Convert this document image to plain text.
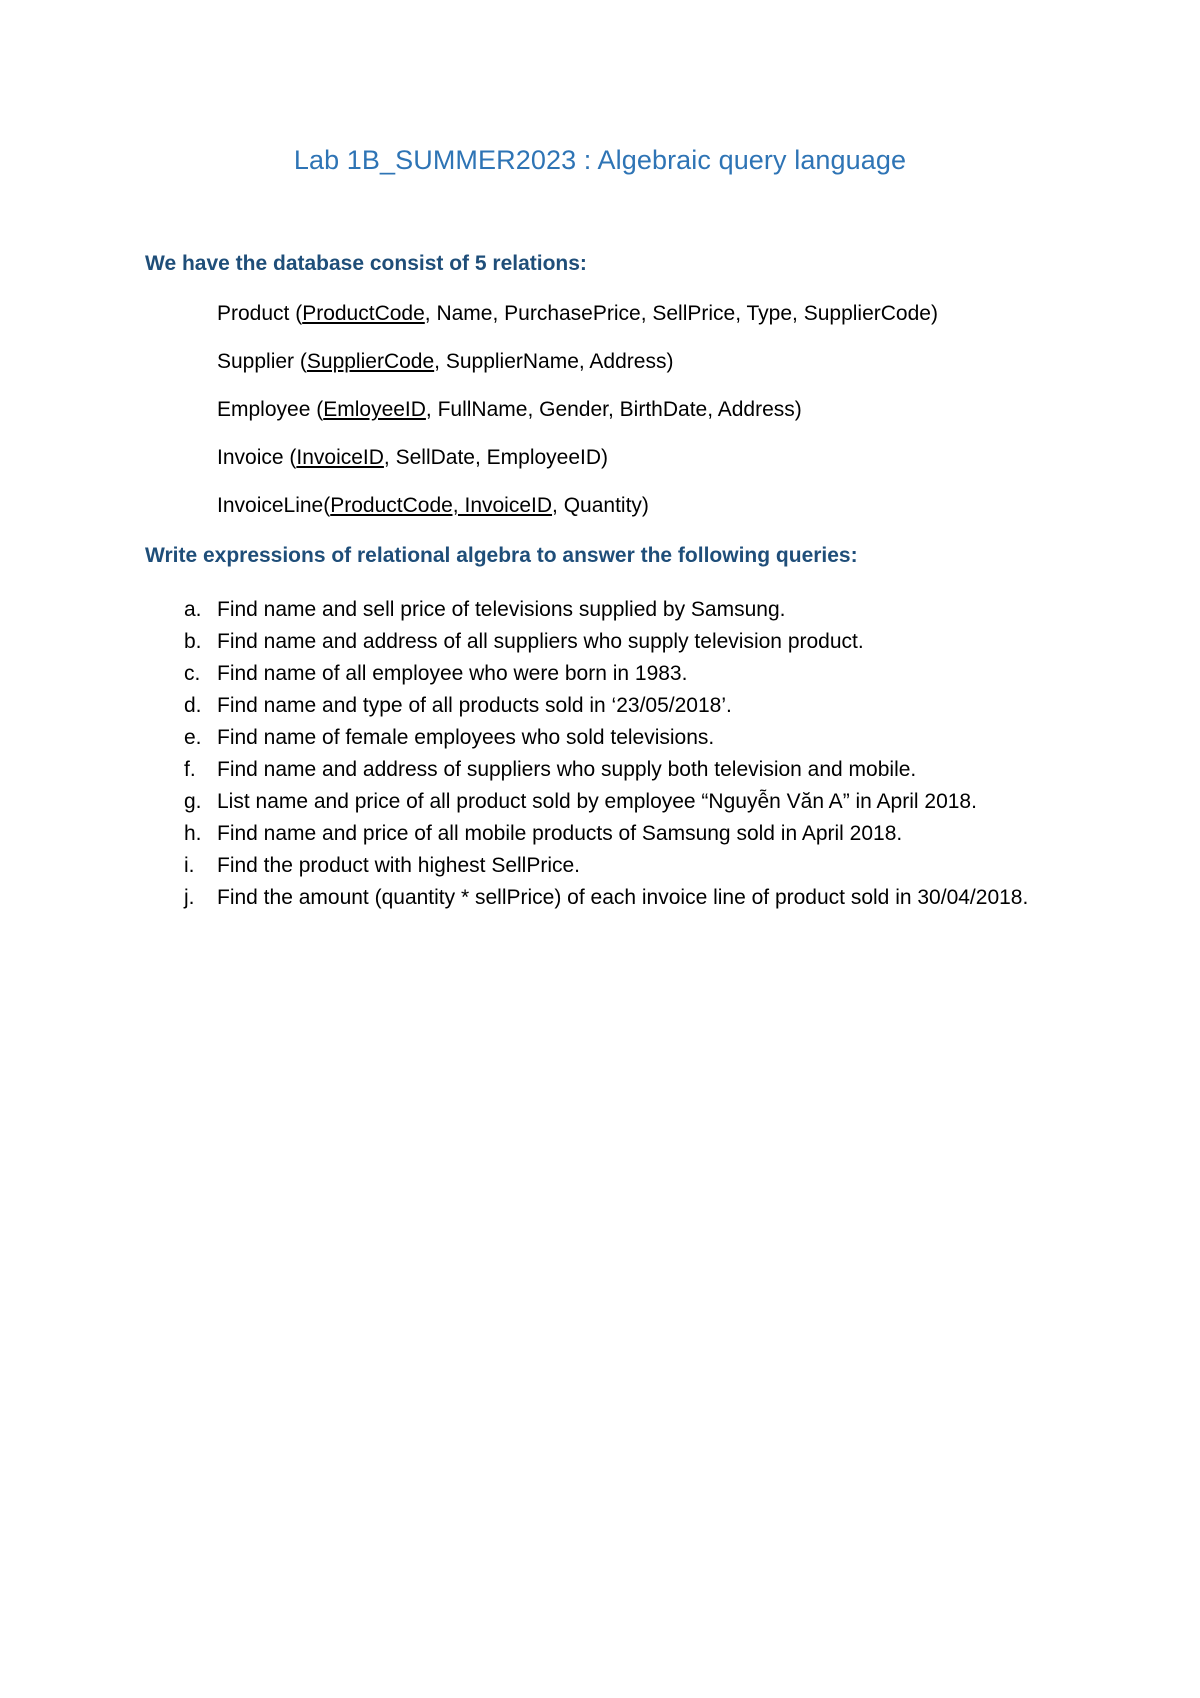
Lab 1B_SUMMER2023 : Algebraic query language
We have the database consist of 5 relations:
Product (ProductCode, Name, PurchasePrice, SellPrice, Type, SupplierCode)
Supplier (SupplierCode, SupplierName, Address)
Employee (EmloyeeID, FullName, Gender, BirthDate, Address)
Invoice (InvoiceID, SellDate, EmployeeID)
InvoiceLine(ProductCode, InvoiceID, Quantity)
Write expressions of relational algebra to answer the following queries:
a. Find name and sell price of televisions supplied by Samsung.
b. Find name and address of all suppliers who supply television product.
c. Find name of all employee who were born in 1983.
d. Find name and type of all products sold in ‘23/05/2018’.
e. Find name of female employees who sold televisions.
f. Find name and address of suppliers who supply both television and mobile.
g. List name and price of all product sold by employee “Nguyễn Văn A” in April 2018.
h. Find name and price of all mobile products of Samsung sold in April 2018.
i. Find the product with highest SellPrice.
j. Find the amount (quantity * sellPrice) of each invoice line of product sold in 30/04/2018.
